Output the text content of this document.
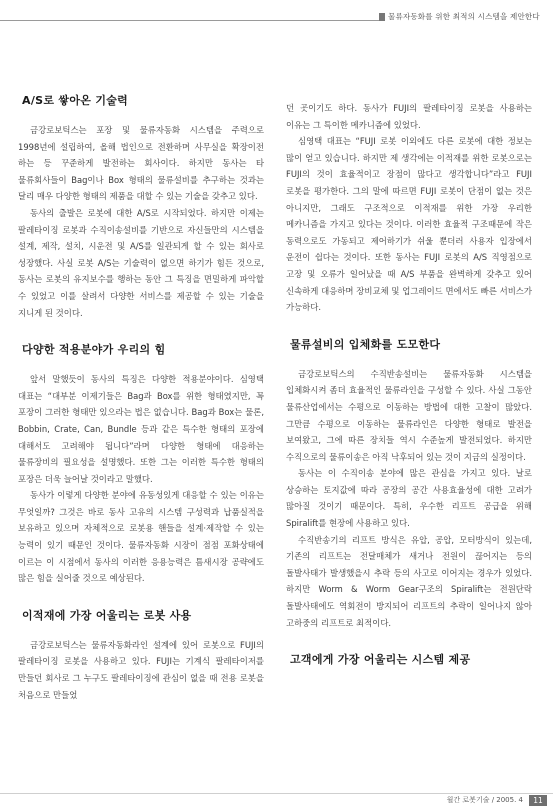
물류자동화를 위한 최적의 시스템을 제안한다
A/S로 쌓아온 기술력

금강로보틱스는 포장 및 물류자동화 시스템을 주력으로 1998년에 설립하여, 올해 법인으로 전환하며 사무실을 확장이전 하는 등 꾸준하게 발전하는 회사이다. 하지만 동사는 타 물류회사들이 Bag이나 Box 형태의 물류설비를 추구하는 것과는 달리 매우 다양한 형태의 제품을 대할 수 있는 기술을 갖추고 있다.

동사의 출발은 로봇에 대한 A/S로 시작되었다. 하지만 이제는 팔레타이징 로봇과 수직이송설비를 기반으로 자신들만의 시스템을 설계, 제작, 설치, 시운전 및 A/S를 일관되게 할 수 있는 회사로 성장했다. 사실 로봇 A/S는 기술력이 없으면 하기가 힘든 것으로, 동사는 로봇의 유지보수를 행하는 동안 그 특징을 면밀하게 파악할 수 있었고 이를 살려서 다양한 서비스를 제공할 수 있는 기술을 지니게 된 것이다.

다양한 적용분야가 우리의 힘

앞서 말했듯이 동사의 특징은 다양한 적용분야이다. 심영택 대표는 “대부분 이제기들은 Bag과 Box를 위한 형태였지만, 꼭 포장이 그러한 형태만 있으라는 법은 없습니다. Bag과 Box는 물론, Bobbin, Crate, Can, Bundle 등과 같은 특수한 형태의 포장에 대해서도 고려해야 됩니다”라며 다양한 형태에 대응하는 물류장비의 필요성을 설명했다. 또한 그는 이러한 특수한 형태의 포장은 더욱 늘어날 것이라고 말했다.

동사가 이렇게 다양한 분야에 유동성있게 대응할 수 있는 이유는 무엇일까? 그것은 바로 동사 고유의 시스템 구성력과 납품실적을 보유하고 있으며 자체적으로 로봇용 핸들을 설계·제작할 수 있는 능력이 있기 때문인 것이다. 물류자동화 시장이 점점 포화상태에 이르는 이 시점에서 동사의 이러한 응용능력은 틈새시장 공략에도 많은 힘을 실어줄 것으로 예상된다.

이적재에 가장 어울리는 로봇 사용

금강로보틱스는 물류자동화라인 설계에 있어 로봇으로 FUJI의 팔레타이징 로봇을 사용하고 있다. FUJI는 기계식 팔레타이저를 만들던 회사로 그 누구도 팔레타이징에 관심이 없을 때 전용 로봇을 처음으로 만들었

던 곳이기도 하다. 동사가 FUJI의 팔레타이징 로봇을 사용하는 이유는 그 특이한 메카니즘에 있었다.

심영택 대표는 “FUJI 로봇 이외에도 다른 로봇에 대한 정보는 많이 얻고 있습니다. 하지만 제 생각에는 이적재를 위한 로봇으로는 FUJI의 것이 효율적이고 장점이 많다고 생각합니다”라고 FUJI 로봇을 평가한다. 그의 말에 따르면 FUJI 로봇이 단점이 없는 것은 아니지만, 그래도 구조적으로 이적재를 위한 가장 우리한 메카니즘을 가지고 있다는 것이다. 이러한 효율적 구조때문에 작은 동력으로도 가동되고 제어하기가 쉬울 뿐더러 사용자 입장에서 운전이 쉽다는 것이다. 또한 동사는 FUJI 로봇의 A/S 직영점으로 고장 및 오류가 일어났을 때 A/S 부품을 완벽하게 갖추고 있어 신속하게 대응하며 장비교체 및 업그레이드 면에서도 빠른 서비스가 가능하다.

물류설비의 입체화를 도모한다

금강로보틱스의 수직반송설비는 물류자동화 시스템을 입체화시켜 좀더 효율적인 물류라인을 구성할 수 있다. 사실 그동안 물류산업에서는 수평으로 이동하는 방법에 대한 고찰이 많았다. 그만큼 수평으로 이동하는 물류라인은 다양한 형태로 발전을 보여왔고, 그에 따른 장치들 역시 수준높게 발전되었다. 하지만 수직으로의 물류이송은 아직 낙후되어 있는 것이 지금의 실정이다.

동사는 이 수직이송 분야에 많은 관심을 가지고 있다. 날로 상승하는 토지값에 따라 공장의 공간 사용효율성에 대한 고려가 많아질 것이기 때문이다. 특히, 우수한 리프트 공급을 위해 Spiralift를 현장에 사용하고 있다.

수직반송기의 리프트 방식은 유압, 공압, 모터방식이 있는데, 기존의 리프트는 전달매체가 새거나 전원이 끊어지는 등의 돌발사태가 발생했을시 추락 등의 사고로 이어지는 경우가 있었다. 하지만 Worm & Worm Gear구조의 Spiralift는 전원단락 돌발사태에도 역회전이 방지되어 리프트의 추락이 일어나지 않아 고하중의 리프트로 최적이다.

고객에게 가장 어울리는 시스템 제공
월간 로봇기술 / 2005. 4	11
